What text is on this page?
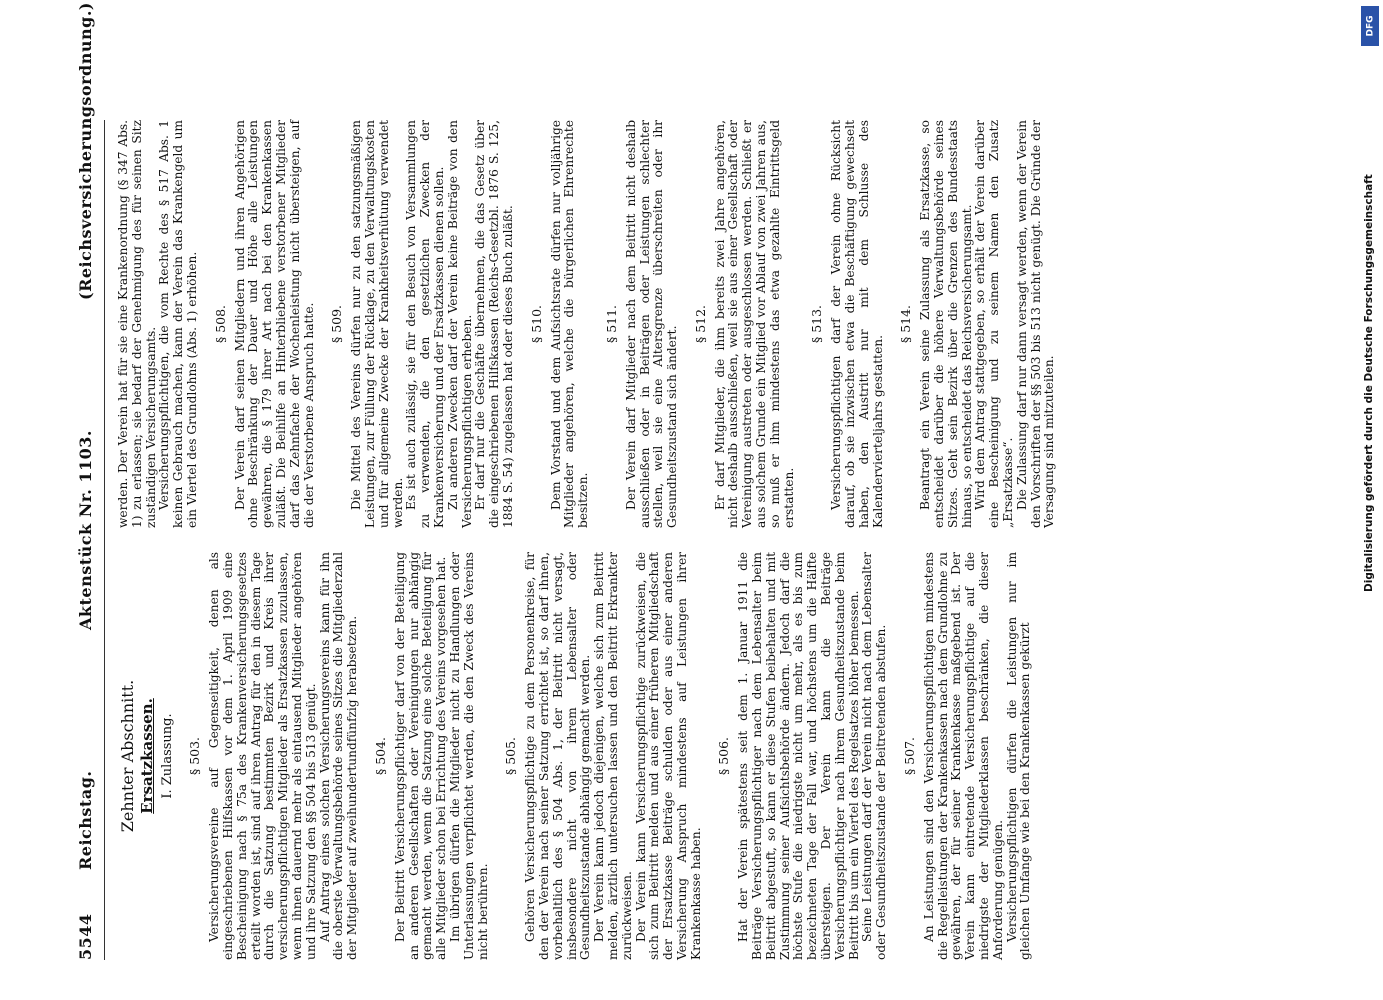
5544
Reichstag.
Aktenstück Nr. 1103.
(Reichsversicherungsordnung.)
Zehnter Abschnitt. Ersatzkassen. I. Zulassung. § 503. Versicherungsvereine auf Gegenseitigkeit, denen als eingeschriebenen Hilfskassen vor dem 1. April 1909 eine Bescheinigung nach § 75a des Krankenversicherungsgesetzes erteilt worden ist, sind auf ihren Antrag für den in diesem Tage durch die Satzung bestimmten Bezirk und Kreis ihrer versicherungspflichtigen Mitglieder als Ersatzkassen zuzulassen, wenn ihnen dauernd mehr als eintausend Mitglieder angehören und ihre Satzung den §§ 504 bis 513 genügt. Auf Antrag eines solchen Versicherungsvereins kann für ihn die oberste Verwaltungsbehörde seines Sitzes die Mitgliederzahl der Mitglieder auf zweihundertundfünfzig herabsetzen. § 504. Der Beitritt Versicherungspflichtiger darf von der Beteiligung an anderen Gesellschaften oder Vereinigungen nur abhängig gemacht werden, wenn die Satzung eine solche Beteiligung für alle Mitglieder schon bei Errichtung des Vereins vorgesehen hat. Im übrigen dürfen die Mitglieder nicht zu Handlungen oder Unterlassungen verpflichtet werden, die den Zweck des Vereins nicht berühren.

§ 505. Gehören Versicherungspflichtige zu dem Personenkreise, für den der Verein nach seiner Satzung errichtet ist, so darf ihnen, vorbehaltlich des § 504 Abs. 1, der Beitritt nicht versagt, insbesondere nicht von ihrem Lebensalter oder Gesundheitszustande abhängig gemacht werden. Der Verein kann jedoch diejenigen, welche sich zum Beitritt melden, ärztlich untersuchen lassen und den Beitritt Erkrankter zurückweisen. Der Verein kann Versicherungspflichtige zurückweisen, die sich zum Beitritt melden und aus einer früheren Mitgliedschaft der Ersatzkasse Beiträge schulden oder aus einer anderen Versicherung Anspruch mindestens auf Leistungen ihrer Krankenkasse haben.

§ 506. Hat der Verein spätestens seit dem 1. Januar 1911 die Beiträge Versicherungspflichtiger nach dem Lebensalter beim Beitritt abgestuft, so kann er diese Stufen beibehalten und mit Zustimmung seiner Aufsichtsbehörde ändern. Jedoch darf die höchste Stufe die niedrigste nicht um mehr, als es bis zum bezeichneten Tage der Fall war, und höchstens um die Hälfte übersteigen. Der Verein kann die Beiträge Versicherungspflichtiger nach ihrem Gesundheitszustande beim Beitritt bis um ein Viertel des Regelsatzes höher bemessen. Seine Leistungen darf der Verein nicht nach dem Lebensalter oder Gesundheitszustande der Beitretenden abstufen. § 507. An Leistungen sind den Versicherungspflichtigen mindestens die Regelleistungen der Krankenkassen nach dem Grundlohne zu gewähren, der für seiner Krankenkasse maßgebend ist. Der Verein kann eintretende Versicherungspflichtige auf die niedrigste der Mitgliederklassen beschränken, die dieser Anforderung genügen. Versicherungspflichtigen dürfen die Leistungen nur im gleichen Umfange wie bei den Krankenkassen gekürzt

werden. Der Verein hat für sie eine Krankenordnung (§ 347 Abs. 1) zu erlassen; sie bedarf der Genehmigung des für seinen Sitz zuständigen Versicherungsamts. Versicherungspflichtigen, die vom Rechte des § 517 Abs. 1 keinen Gebrauch machen, kann der Verein das Krankengeld um ein Viertel des Grundlohns (Abs. 1) erhöhen. § 508. Der Verein darf seinen Mitgliedern und ihren Angehörigen ohne Beschränkung der Dauer und Höhe alle Leistungen gewähren, die § 179 ihrer Art nach bei den Krankenkassen zuläßt. Die Beihilfe an Hinterbliebene verstorbener Mitglieder darf das Zehnfache der Wochenleistung nicht übersteigen, auf die der Verstorbene Anspruch hatte. § 509. Die Mittel des Vereins dürfen nur zu den satzungsmäßigen Leistungen, zur Füllung der Rücklage, zu den Verwaltungskosten und für allgemeine Zwecke der Krankheitsverhütung verwendet werden. Es ist auch zulässig, sie für den Besuch von Versammlungen zu verwenden, die den gesetzlichen Zwecken der Krankenversicherung und der Ersatzkassen dienen sollen. Zu anderen Zwecken darf der Verein keine Beiträge von den Versicherungspflichtigen erheben. Er darf nur die Geschäfte übernehmen, die das Gesetz über die eingeschriebenen Hilfskassen (Reichs-Gesetzbl. 1876 S. 125, 1884 S. 54) zugelassen hat oder dieses Buch zuläßt. § 510. Dem Vorstand und dem Aufsichtsrate dürfen nur volljährige Mitglieder angehören, welche die bürgerlichen Ehrenrechte besitzen.

§ 511. Der Verein darf Mitglieder nach dem Beitritt nicht deshalb ausschließen oder in Beiträgen oder Leistungen schlechter stellen, weil sie eine Altersgrenze überschreiten oder ihr Gesundheitszustand sich ändert.

§ 512. Er darf Mitglieder, die ihm bereits zwei Jahre angehören, nicht deshalb ausschließen, weil sie aus einer Gesellschaft oder Vereinigung austreten oder ausgeschlossen werden. Schließt er aus solchem Grunde ein Mitglied vor Ablauf von zwei Jahren aus, so muß er ihm mindestens das etwa gezahlte Eintrittsgeld erstatten.

§ 513. Versicherungspflichtigen darf der Verein ohne Rücksicht darauf, ob sie inzwischen etwa die Beschäftigung gewechselt haben, den Austritt nur mit dem Schlusse des Kalendervierteljahrs gestatten.

§ 514. Beantragt ein Verein seine Zulassung als Ersatzkasse, so entscheidet darüber die höhere Verwaltungsbehörde seines Sitzes. Geht sein Bezirk über die Grenzen des Bundesstaats hinaus, so entscheidet das Reichsversicherungsamt. Wird dem Antrag stattgegeben, so erhält der Verein darüber eine Bescheinigung und zu seinem Namen den Zusatz „Ersatzkasse“. Die Zulassung darf nur dann versagt werden, wenn der Verein den Vorschriften der §§ 503 bis 513 nicht genügt. Die Gründe der Versagung sind mitzuteilen.

DFG
Digitalisierung gefördert durch die Deutsche Forschungsgemeinschaft
